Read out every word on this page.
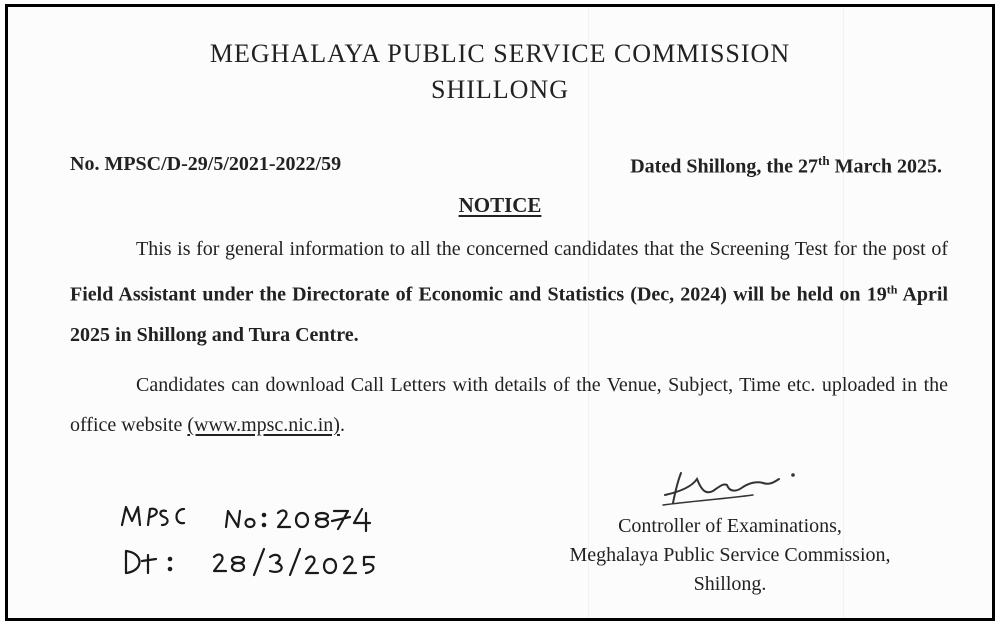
MEGHALAYA PUBLIC SERVICE COMMISSION
SHILLONG
No. MPSC/D-29/5/2021-2022/59	Dated Shillong, the 27th March 2025.
NOTICE
This is for general information to all the concerned candidates that the Screening Test for the post of Field Assistant under the Directorate of Economic and Statistics (Dec, 2024) will be held on 19th April 2025 in Shillong and Tura Centre.
Candidates can download Call Letters with details of the Venue, Subject, Time etc. uploaded in the office website (www.mpsc.nic.in).
Controller of Examinations,
Meghalaya Public Service Commission,
Shillong.
